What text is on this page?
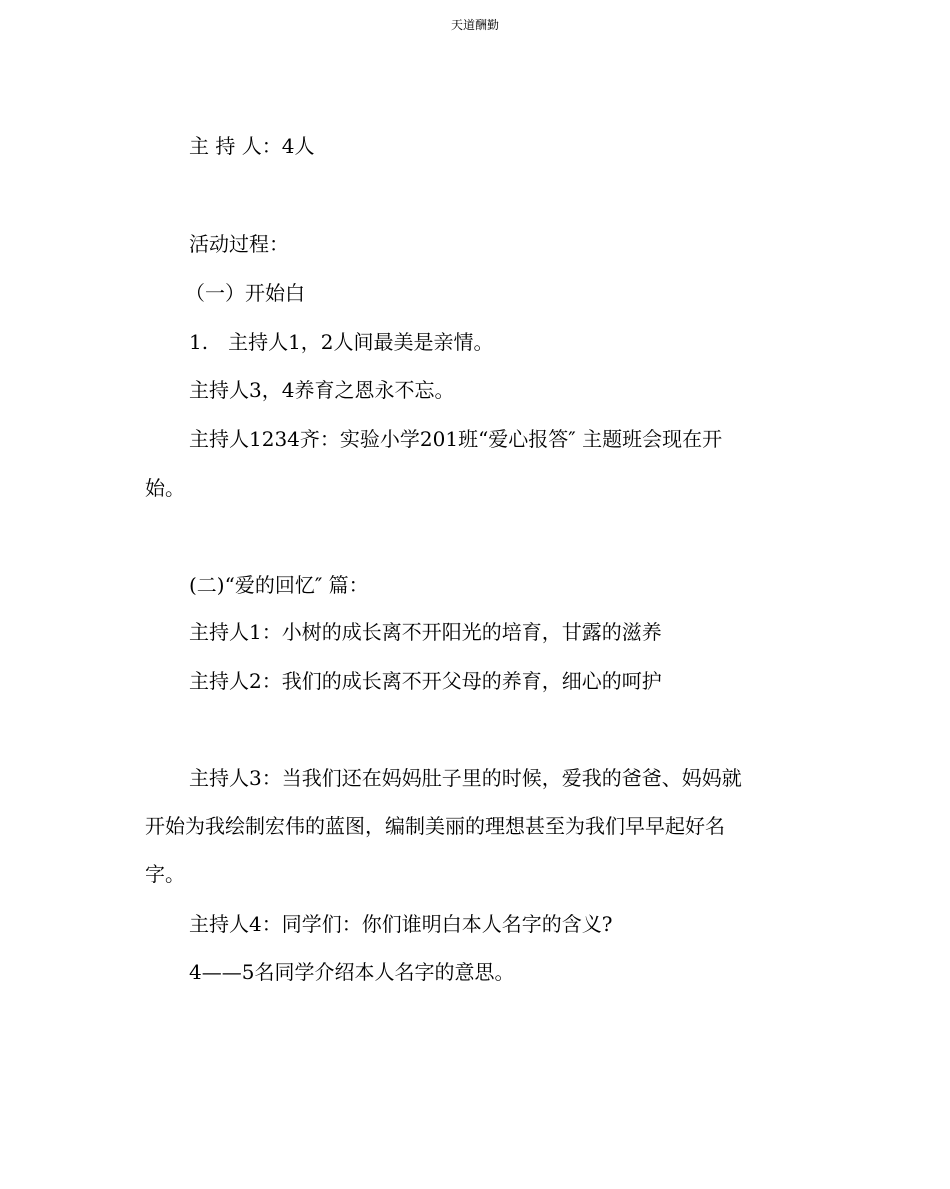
天道酬勤
主 持 人：4人
活动过程：
（一）开始白
1.　主持人1，2人间最美是亲情。
主持人3，4养育之恩永不忘。
主持人1234齐：实验小学201班“爱心报答″ 主题班会现在开
始。
(二)“爱的回忆″ 篇：
主持人1：小树的成长离不开阳光的培育，甘露的滋养
主持人2：我们的成长离不开父母的养育，细心的呵护
主持人3：当我们还在妈妈肚子里的时候，爱我的爸爸、妈妈就
开始为我绘制宏伟的蓝图，编制美丽的理想甚至为我们早早起好名
字。
主持人4：同学们：你们谁明白本人名字的含义?
4——5名同学介绍本人名字的意思。
